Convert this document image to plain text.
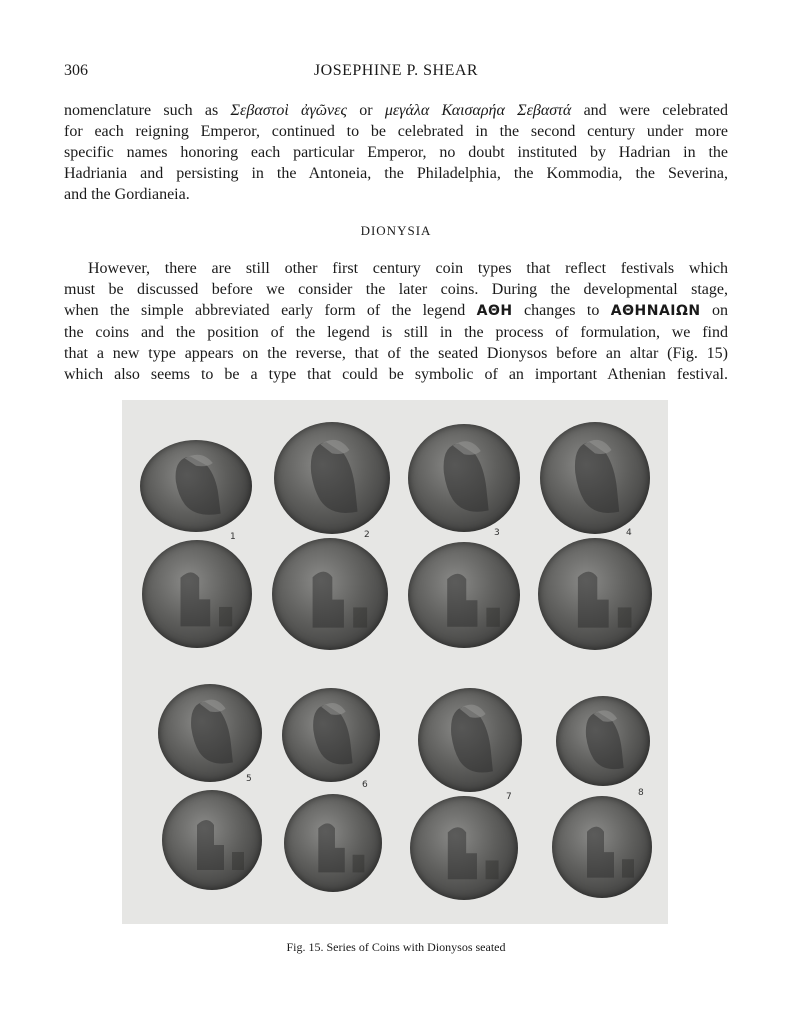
306	JOSEPHINE P. SHEAR
nomenclature such as Σεβαστοὶ ἀγῶνες or μεγάλα Καισαρήα Σεβαστά and were celebrated
for each reigning Emperor, continued to be celebrated in the second century under more
specific names honoring each particular Emperor, no doubt instituted by Hadrian in the
Hadriania and persisting in the Antoneia, the Philadelphia, the Kommodia, the Severina,
and the Gordianeia.
DIONYSIA
However, there are still other first century coin types that reflect festivals which
must be discussed before we consider the later coins. During the developmental stage,
when the simple abbreviated early form of the legend ΑΘΗ changes to ΑΘΗΝΑΙΩΝ on
the coins and the position of the legend is still in the process of formulation, we find
that a new type appears on the reverse, that of the seated Dionysos before an altar (Fig. 15)
which also seems to be a type that could be symbolic of an important Athenian festival.
1	2	3	4
5
6
7	8
Fig. 15. Series of Coins with Dionysos seated
